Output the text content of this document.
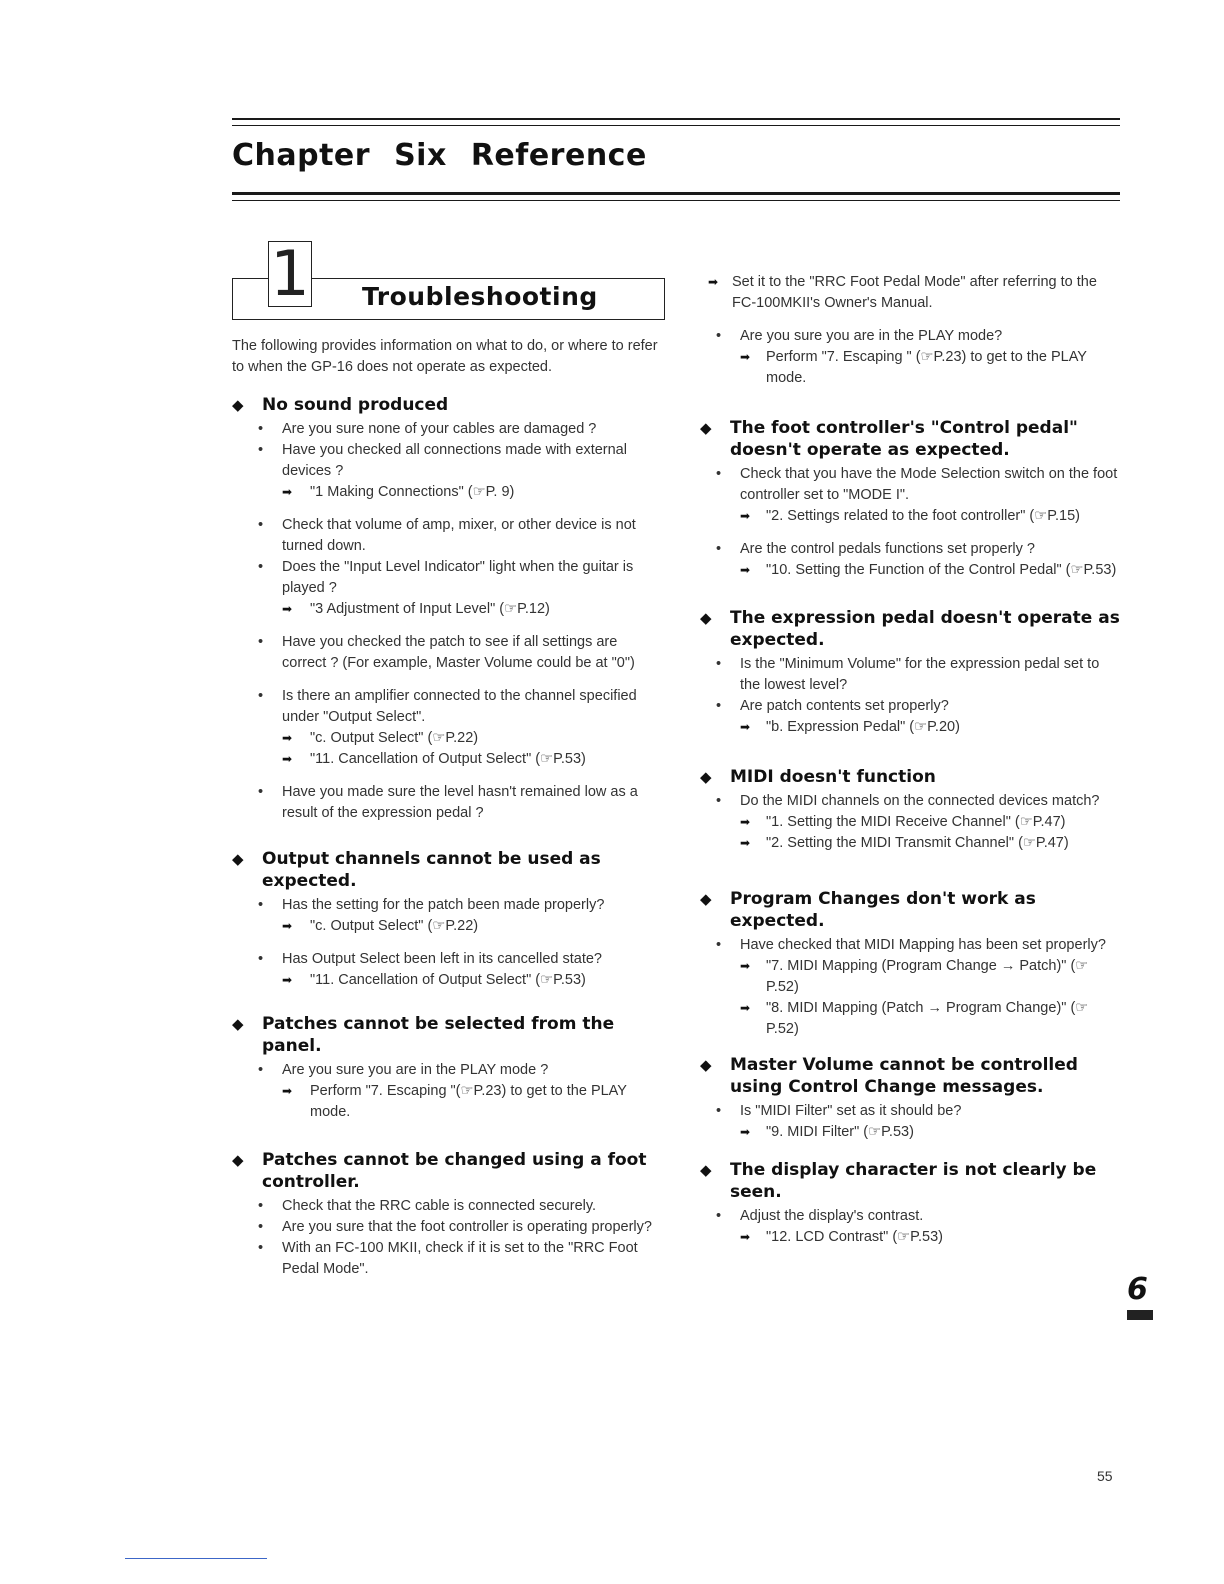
Chapter Six Reference
1 Troubleshooting

The following provides information on what to do, or where to refer to when the GP-16 does not operate as expected.

◆ No sound produced
• Are you sure none of your cables are damaged ?
• Have you checked all connections made with external devices ?
➡ "1 Making Connections" (☞P. 9)
• Check that volume of amp, mixer, or other device is not turned down.
• Does the "Input Level Indicator" light when the guitar is played ?
➡ "3 Adjustment of Input Level" (☞P.12)
• Have you checked the patch to see if all settings are correct ? (For example, Master Volume could be at "0")
• Is there an amplifier connected to the channel specified under "Output Select".
➡ "c. Output Select" (☞P.22)
➡ "11. Cancellation of Output Select" (☞P.53)
• Have you made sure the level hasn't remained low as a result of the expression pedal ?
◆ Output channels cannot be used as expected.
• Has the setting for the patch been made properly?
➡ "c. Output Select" (☞P.22)
• Has Output Select been left in its cancelled state?
➡ "11. Cancellation of Output Select" (☞P.53)
◆ Patches cannot be selected from the panel.
• Are you sure you are in the PLAY mode ?
➡ Perform "7. Escaping "(☞P.23) to get to the PLAY mode.
◆ Patches cannot be changed using a foot controller.
• Check that the RRC cable is connected securely.
• Are you sure that the foot controller is operating properly?
• With an FC-100 MKII, check if it is set to the "RRC Foot Pedal Mode".
➡ Set it to the "RRC Foot Pedal Mode" after referring to the FC-100MKII's Owner's Manual.
• Are you sure you are in the PLAY mode?
➡ Perform "7. Escaping " (☞P.23) to get to the PLAY mode.
◆ The foot controller's "Control pedal" doesn't operate as expected.
• Check that you have the Mode Selection switch on the foot controller set to "MODE I".
➡ "2. Settings related to the foot controller" (☞P.15)
• Are the control pedals functions set properly ?
➡ "10. Setting the Function of the Control Pedal" (☞P.53)
◆ The expression pedal doesn't operate as expected.
• Is the "Minimum Volume" for the expression pedal set to the lowest level?
• Are patch contents set properly?
➡ "b. Expression Pedal" (☞P.20)
◆ MIDI doesn't function
• Do the MIDI channels on the connected devices match?
➡ "1. Setting the MIDI Receive Channel" (☞P.47)
➡ "2. Setting the MIDI Transmit Channel" (☞P.47)
◆ Program Changes don't work as expected.
• Have checked that MIDI Mapping has been set properly?
➡ "7. MIDI Mapping (Program Change → Patch)" (☞P.52)
➡ "8. MIDI Mapping (Patch → Program Change)" (☞P.52)
◆ Master Volume cannot be controlled using Control Change messages.
• Is "MIDI Filter" set as it should be?
➡ "9. MIDI Filter" (☞P.53)
◆ The display character is not clearly be seen.
• Adjust the display's contrast.
➡ "12. LCD Contrast" (☞P.53)
6
55
